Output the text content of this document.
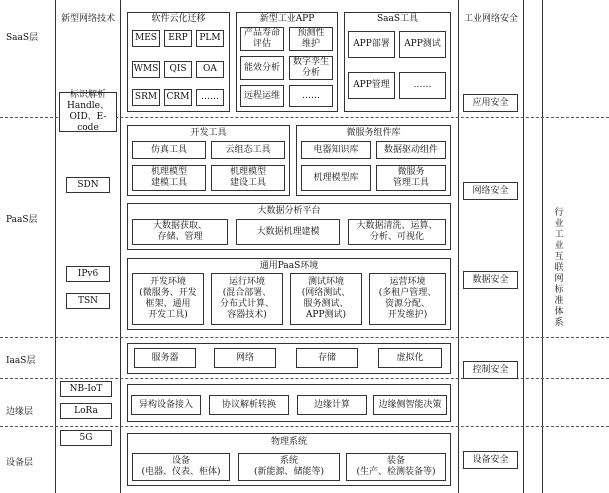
SaaS层
PaaS层
IaaS层
边缘层
设备层
新型网络技术
标识解析
Handle、
OID、E-code
SDN
IPv6
TSN
NB-IoT
LoRa
5G
软件云化迁移
MES	ERP	PLM
WMS	QIS	OA
SRM	CRM	……
新型工业APP
产品寿命
评估
预测性
维护
能效分析
数字孪生
分析
远程运维	……
SaaS工具
APP部署	APP测试
APP管理	……
开发工具
仿真工具	云组态工具
机理模型
建模工具
机理模型
建设工具
微服务组件库
电器知识库	数据驱动组件
机理模型库
微服务
管理工具
大数据分析平台
大数据获取、
存储、管理
大数据机理建模
大数据清洗、运算、
分析、可视化
通用PaaS环境
开发环境
(微服务、开发
框架、通用
开发工具)
运行环境
(混合部署、
分布式计算、
容器技术)
测试环境
(网络测试、
服务测试、
APP测试)
运营环境
(多租户管理、
资源分配、
开发维护)
服务器	网络	存储	虚拟化
异构设备接入	协议解析转换	边缘计算	边缘侧智能决策
物理系统
设备
(电器、仪表、柜体)
系统
(新能源、储能等)
装备
(生产、检测装备等)
工业网络安全
应用安全
网络安全
数据安全
控制安全
设备安全
行业工业互联网标准体系
